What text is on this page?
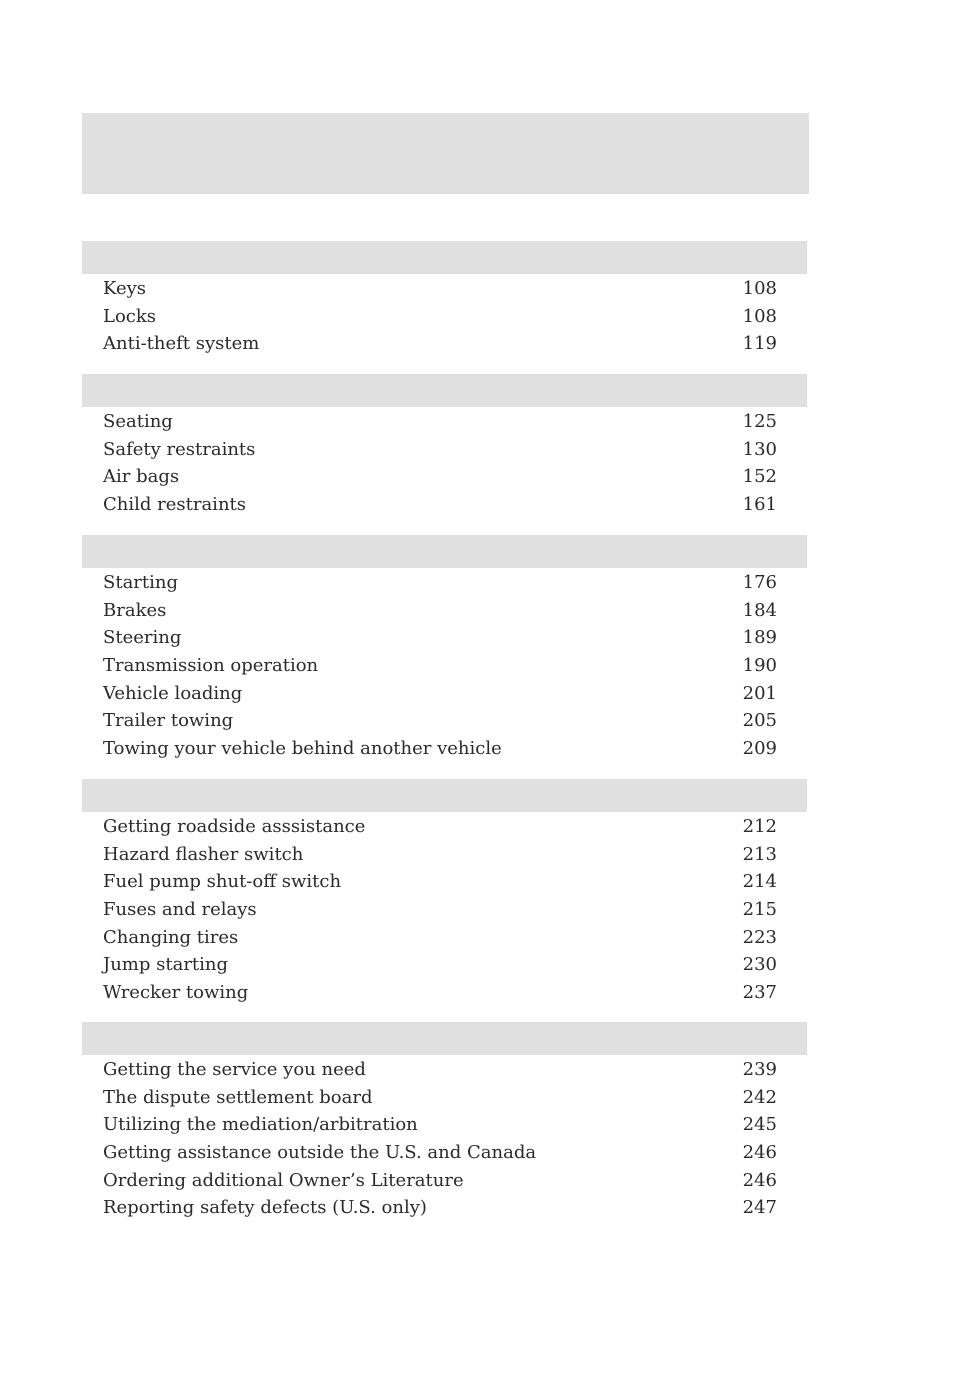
Keys	108
Locks	108
Anti-theft system	119
Seating	125
Safety restraints	130
Air bags	152
Child restraints	161
Starting	176
Brakes	184
Steering	189
Transmission operation	190
Vehicle loading	201
Trailer towing	205
Towing your vehicle behind another vehicle	209
Getting roadside asssistance	212
Hazard flasher switch	213
Fuel pump shut-off switch	214
Fuses and relays	215
Changing tires	223
Jump starting	230
Wrecker towing	237
Getting the service you need	239
The dispute settlement board	242
Utilizing the mediation/arbitration	245
Getting assistance outside the U.S. and Canada	246
Ordering additional Owner’s Literature	246
Reporting safety defects (U.S. only)	247
